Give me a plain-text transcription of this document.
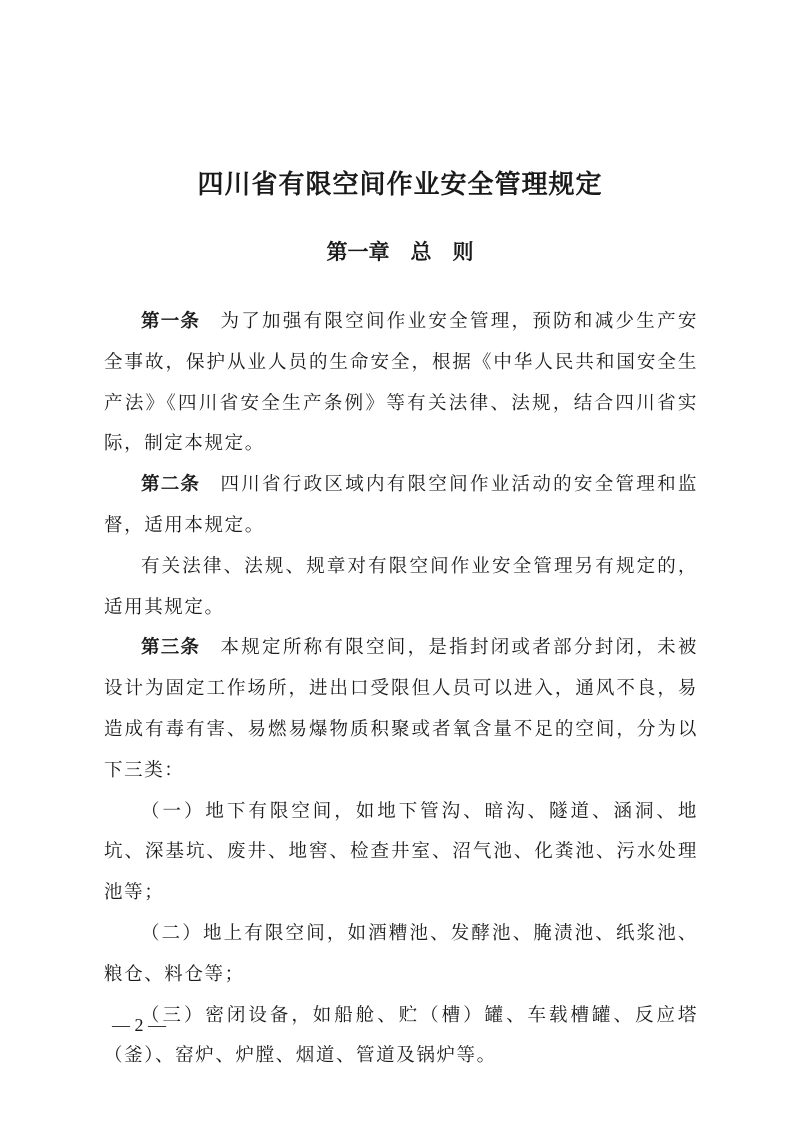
四川省有限空间作业安全管理规定
第一章　总　则

第一条 为了加强有限空间作业安全管理，预防和减少生产安全事故，保护从业人员的生命安全，根据《中华人民共和国安全生产法》《四川省安全生产条例》等有关法律、法规，结合四川省实际，制定本规定。

第二条 四川省行政区域内有限空间作业活动的安全管理和监督，适用本规定。

有关法律、法规、规章对有限空间作业安全管理另有规定的，适用其规定。

第三条 本规定所称有限空间，是指封闭或者部分封闭，未被设计为固定工作场所，进出口受限但人员可以进入，通风不良，易造成有毒有害、易燃易爆物质积聚或者氧含量不足的空间，分为以下三类：

（一）地下有限空间，如地下管沟、暗沟、隧道、涵洞、地坑、深基坑、废井、地窖、检查井室、沼气池、化粪池、污水处理池等；

（二）地上有限空间，如酒糟池、发酵池、腌渍池、纸浆池、粮仓、料仓等；

（三）密闭设备，如船舱、贮（槽）罐、车载槽罐、反应塔（釜）、窑炉、炉膛、烟道、管道及锅炉等。

— 2 —
